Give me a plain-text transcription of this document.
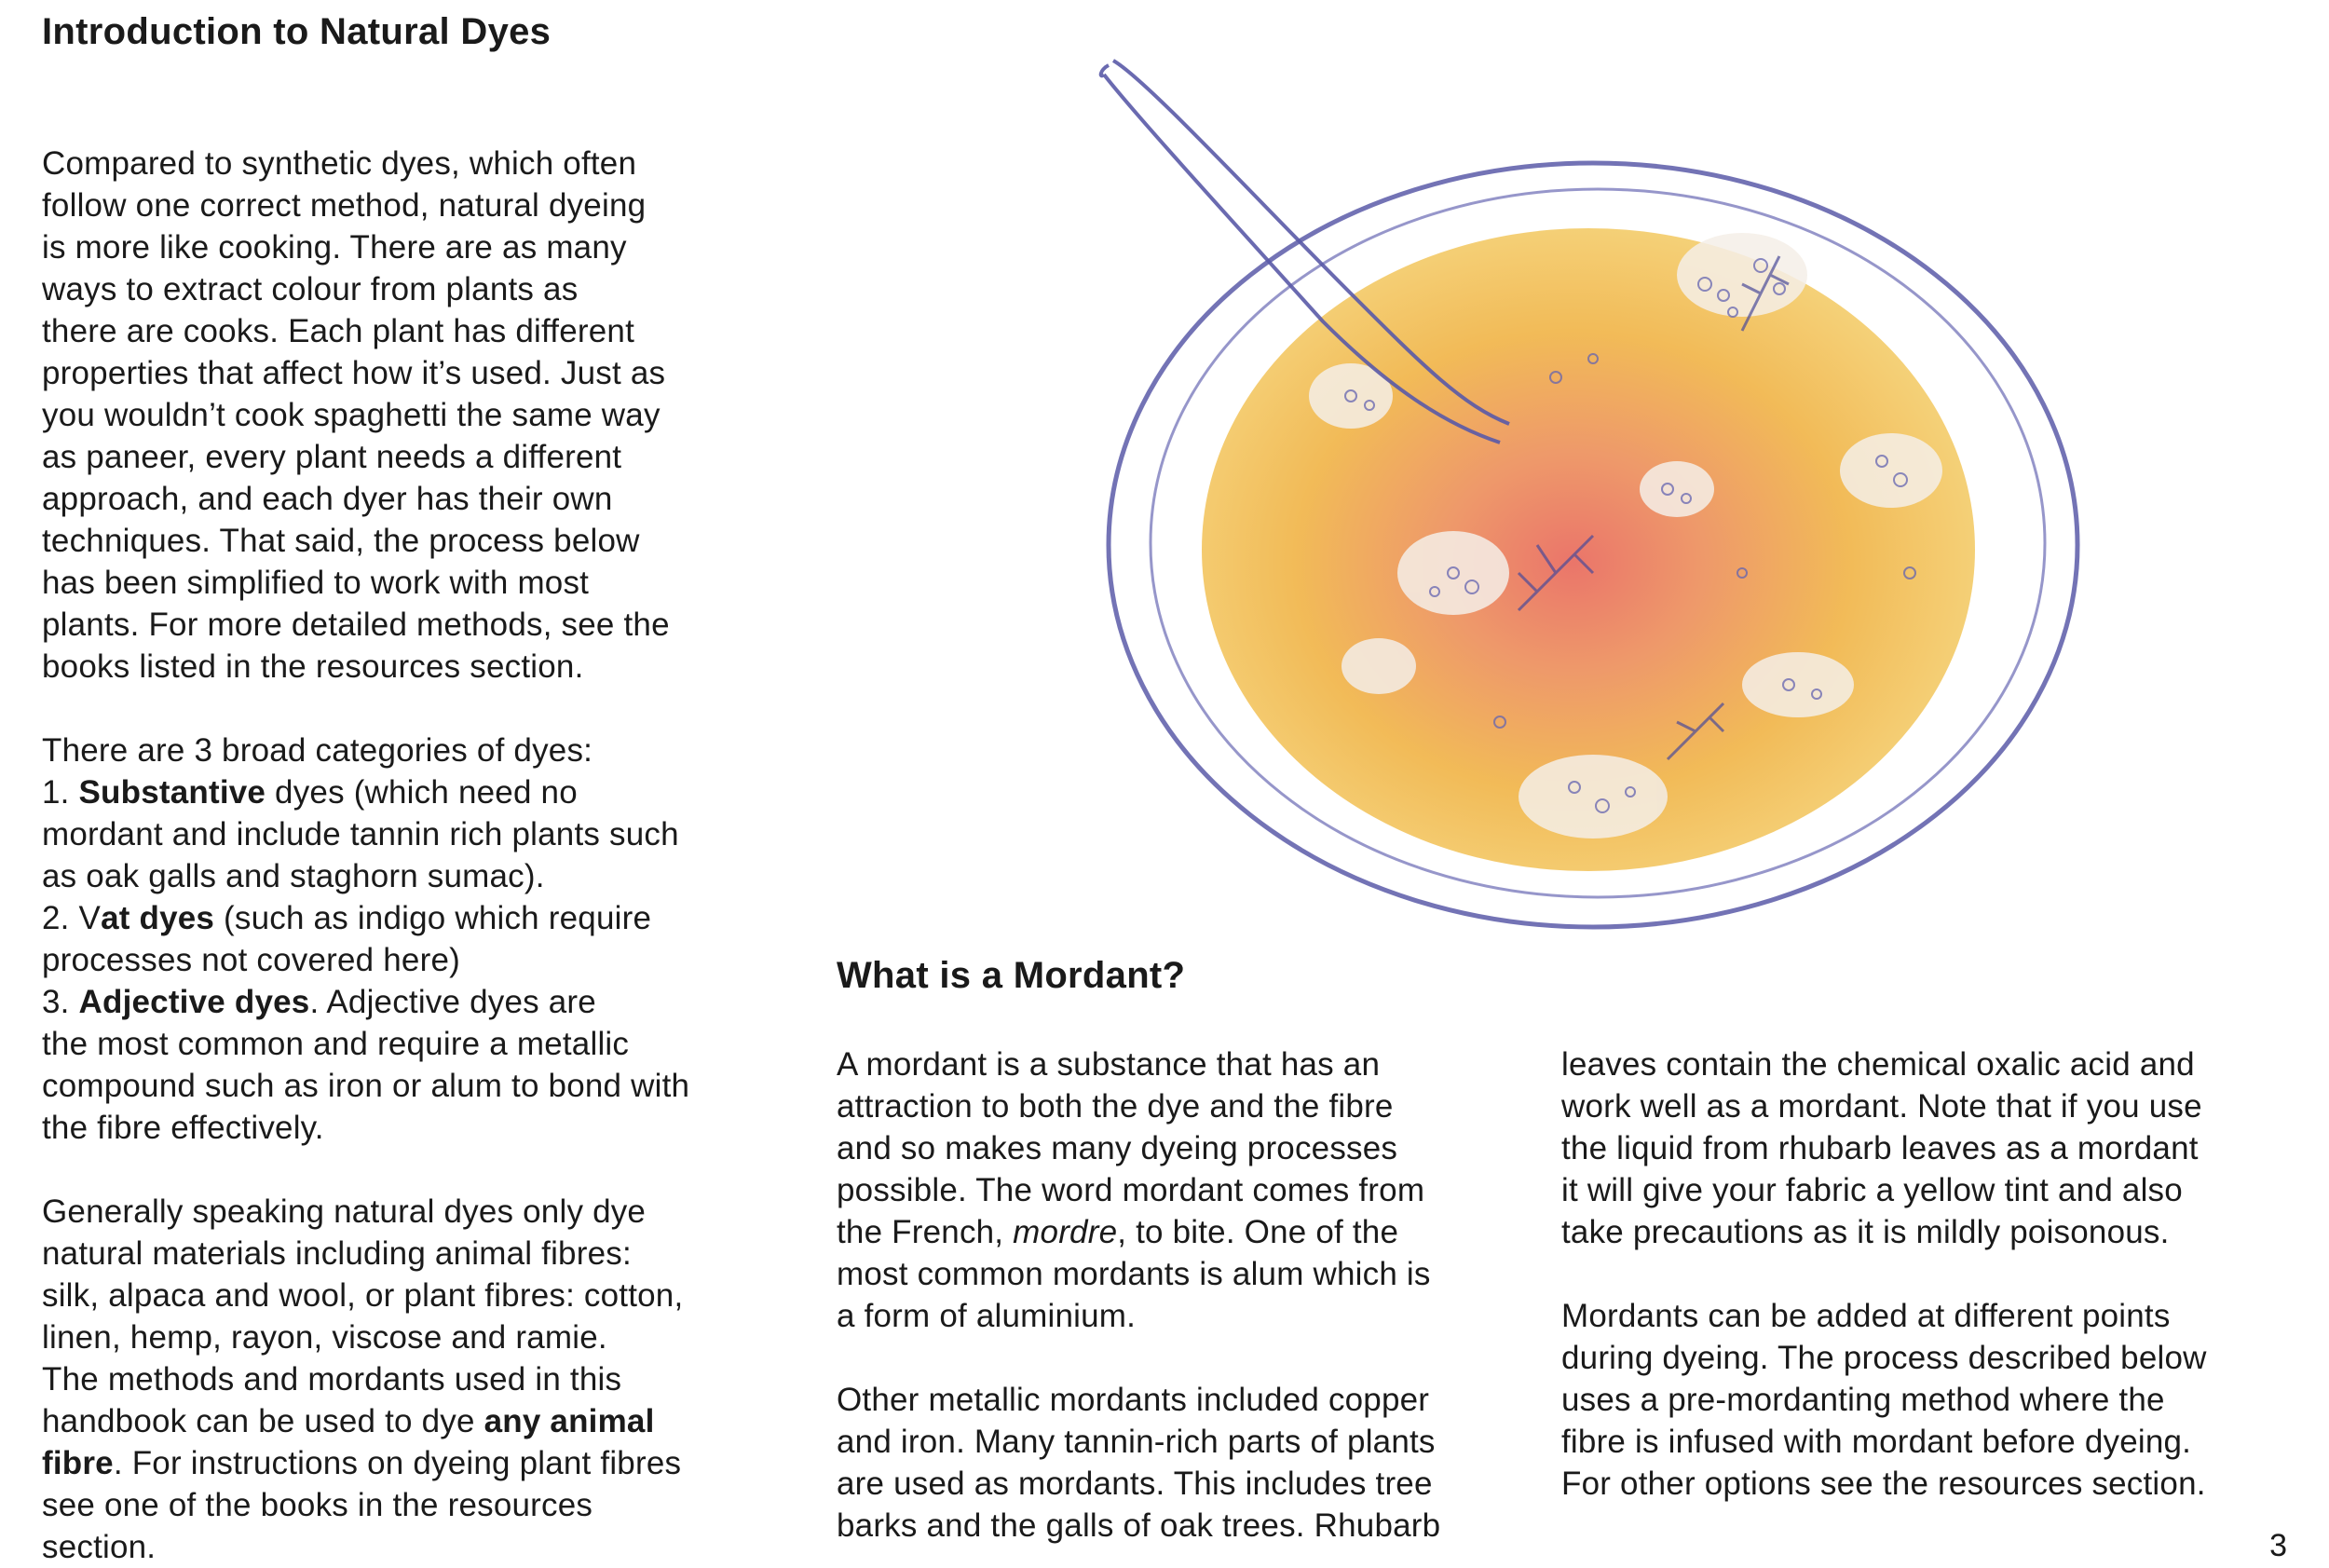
Introduction to Natural Dyes

Compared to synthetic dyes, which often

follow one correct method, natural dyeing

is more like cooking. There are as many

ways to extract colour from plants as

there are cooks. Each plant has different

properties that affect how it’s used. Just as

you wouldn’t cook spaghetti the same way

as paneer, every plant needs a different

approach, and each dyer has their own

techniques. That said, the process below

has been simplified to work with most

plants. For more detailed methods, see the

books listed in the resources section.

There are 3 broad categories of dyes:

1. Substantive dyes (which need no

mordant and include tannin rich plants such

as oak galls and staghorn sumac).

2. Vat dyes (such as indigo which require

processes not covered here)

3. Adjective dyes. Adjective dyes are

the most common and require a metallic

compound such as iron or alum to bond with

the fibre effectively.

Generally speaking natural dyes only dye

natural materials including animal fibres:

silk, alpaca and wool, or plant fibres: cotton,

linen, hemp, rayon, viscose and ramie.

The methods and mordants used in this

handbook can be used to dye any animal

fibre. For instructions on dyeing plant fibres

see one of the books in the resources

section.

What is a Mordant?

A mordant is a substance that has an

attraction to both the dye and the fibre

and so makes many dyeing processes

possible. The word mordant comes from

the French, mordre, to bite. One of the

most common mordants is alum which is

a form of aluminium.

Other metallic mordants included copper

and iron. Many tannin-rich parts of plants

are used as mordants. This includes tree

barks and the galls of oak trees. Rhubarb

leaves contain the chemical oxalic acid and

work well as a mordant. Note that if you use

the liquid from rhubarb leaves as a mordant

it will give your fabric a yellow tint and also

take precautions as it is mildly poisonous.

Mordants can be added at different points

during dyeing. The process described below

uses a pre-mordanting method where the

fibre is infused with mordant before dyeing.

For other options see the resources section.

3
